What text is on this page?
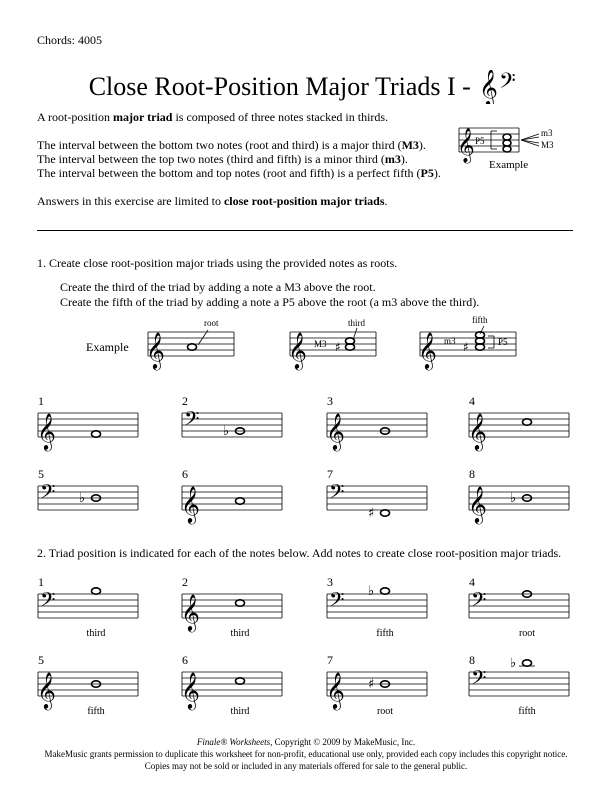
Chords: 4005
Close Root-Position Major Triads I - 𝄞 𝄢
A root-position major triad is composed of three notes stacked in thirds.
The interval between the bottom two notes (root and third) is a major third (M3).
The interval between the top two notes (third and fifth) is a minor third (m3).
The interval between the bottom and top notes (root and fifth) is a perfect fifth (P5).
Answers in this exercise are limited to close root-position major triads.
𝄞 P5
m3
M3
Example
1. Create close root-position major triads using the provided notes as roots.
Create the third of the triad by adding a note a M3 above the root.
Create the fifth of the triad by adding a note a P5 above the root (a m3 above the third).
Example 𝄞
root
𝄞 ♯
M3
third
𝄞 ♯
m3	P5
fifth
1
𝄞
2
𝄢 ♭
3
𝄞
4
𝄞
5
𝄢 ♭
6
𝄞
7
𝄢
♯
8
𝄞 ♭
2. Triad position is indicated for each of the notes below. Add notes to create close root-position major triads.
1
𝄢
third
2
𝄞
third
3
𝄢 ♭
fifth
4
𝄢
root
5
𝄞
fifth
6
𝄞
third
7
𝄞 ♯
root
8
𝄢
♭
fifth
Finale® Worksheets, Copyright © 2009 by MakeMusic, Inc.
MakeMusic grants permission to duplicate this worksheet for non-profit, educational use only, provided each copy includes this copyright notice.
Copies may not be sold or included in any materials offered for sale to the general public.
